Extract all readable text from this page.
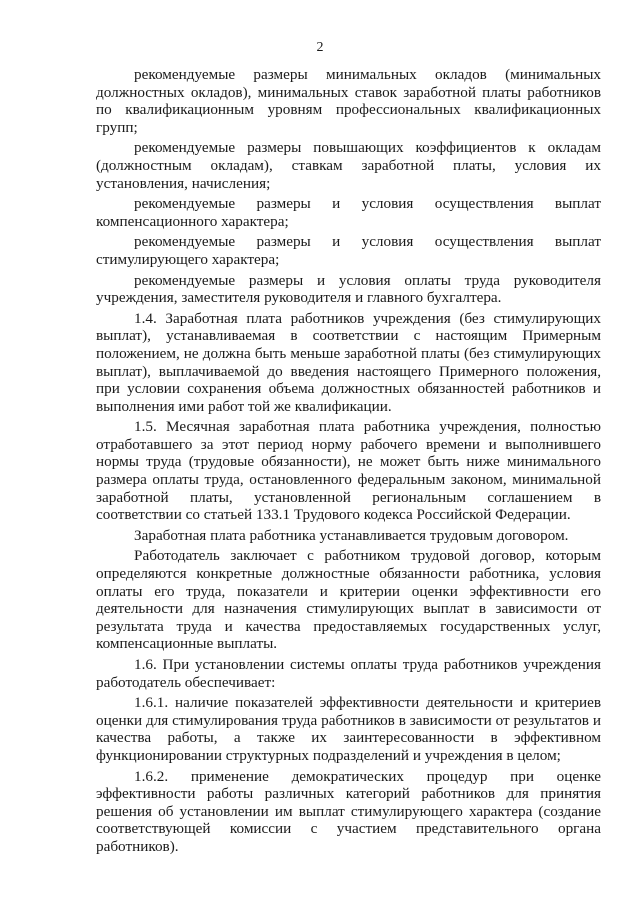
2

рекомендуемые размеры минимальных окладов (минимальных должностных окладов), минимальных ставок заработной платы работников по квалификационным уровням профессиональных квалификационных групп;

рекомендуемые размеры повышающих коэффициентов к окладам (должностным окладам), ставкам заработной платы, условия их установления, начисления;

рекомендуемые размеры и условия осуществления выплат компенсационного характера;

рекомендуемые размеры и условия осуществления выплат стимулирующего характера;

рекомендуемые размеры и условия оплаты труда руководителя учреждения, заместителя руководителя и главного бухгалтера.

1.4. Заработная плата работников учреждения (без стимулирующих выплат), устанавливаемая в соответствии с настоящим Примерным положением, не должна быть меньше заработной платы (без стимулирующих выплат), выплачиваемой до введения настоящего Примерного положения, при условии сохранения объема должностных обязанностей работников и выполнения ими работ той же квалификации.

1.5. Месячная заработная плата работника учреждения, полностью отработавшего за этот период норму рабочего времени и выполнившего нормы труда (трудовые обязанности), не может быть ниже минимального размера оплаты труда, остановленного федеральным законом, минимальной заработной платы, установленной региональным соглашением в соответствии со статьей 133.1 Трудового кодекса Российской Федерации.

Заработная плата работника устанавливается трудовым договором.

Работодатель заключает с работником трудовой договор, которым определяются конкретные должностные обязанности работника, условия оплаты его труда, показатели и критерии оценки эффективности его деятельности для назначения стимулирующих выплат в зависимости от результата труда и качества предоставляемых государственных услуг, компенсационные выплаты.

1.6. При установлении системы оплаты труда работников учреждения работодатель обеспечивает:

1.6.1. наличие показателей эффективности деятельности и критериев оценки для стимулирования труда работников в зависимости от результатов и качества работы, а также их заинтересованности в эффективном функционировании структурных подразделений и учреждения в целом;

1.6.2. применение демократических процедур при оценке эффективности работы различных категорий работников для принятия решения об установлении им выплат стимулирующего характера (создание соответствующей комиссии с участием представительного органа работников).
